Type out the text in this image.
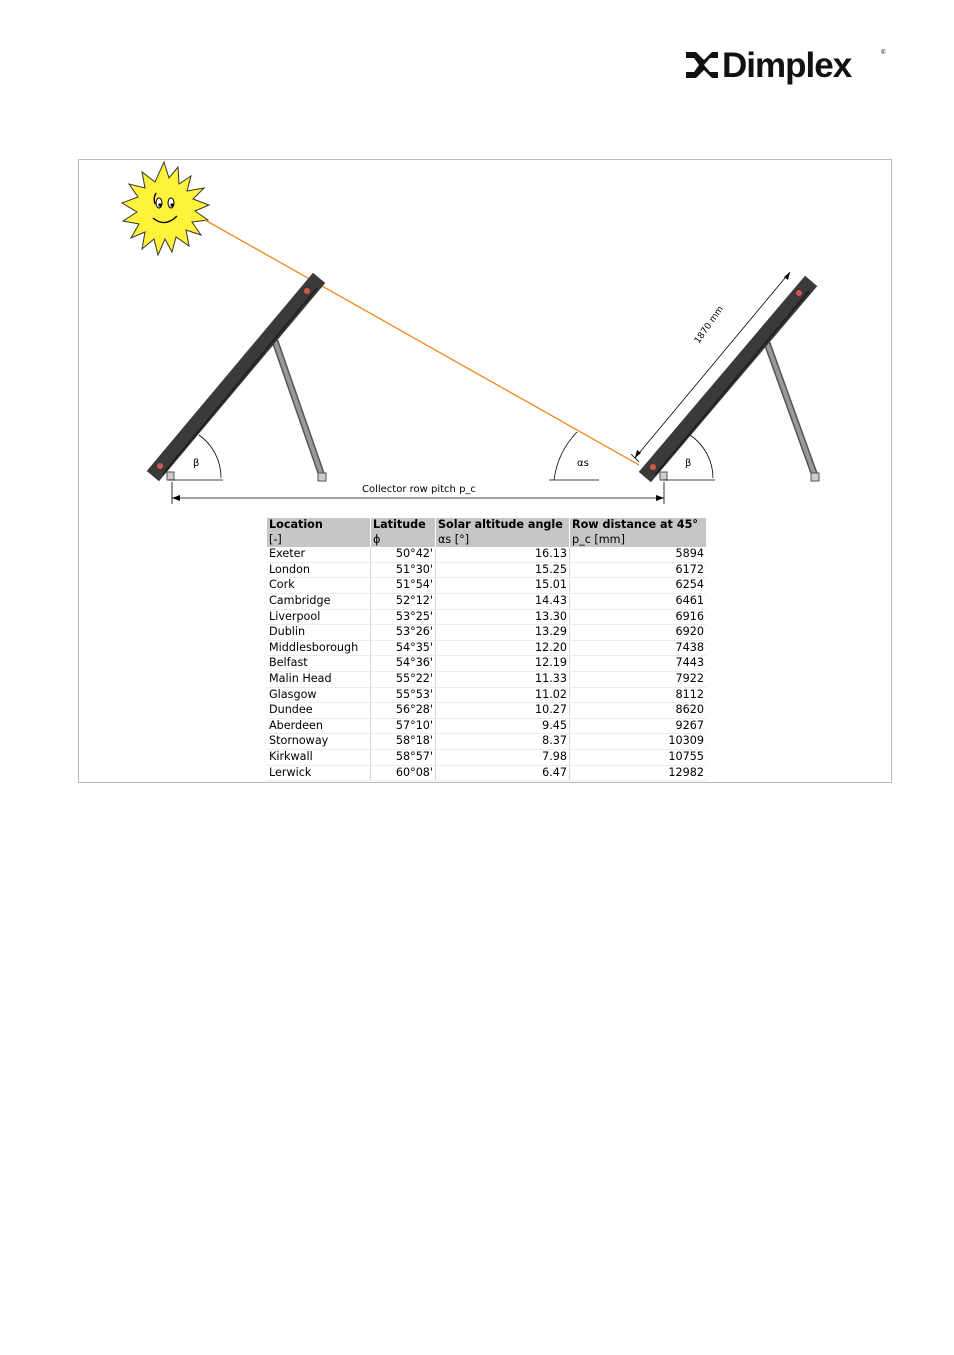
Dimplex	®
β	β
αs
1870 mm
Collector row pitch p_c
Location	Latitude	Solar altitude angle	Row distance at 45°
[-]	ϕ	αs [°]	p_c [mm]
Exeter	50°42'	16.13	5894
London	51°30'	15.25	6172
Cork	51°54'	15.01	6254
Cambridge	52°12'	14.43	6461
Liverpool	53°25'	13.30	6916
Dublin	53°26'	13.29	6920
Middlesborough	54°35'	12.20	7438
Belfast	54°36'	12.19	7443
Malin Head	55°22'	11.33	7922
Glasgow	55°53'	11.02	8112
Dundee	56°28'	10.27	8620
Aberdeen	57°10'	9.45	9267
Stornoway	58°18'	8.37	10309
Kirkwall	58°57'	7.98	10755
Lerwick	60°08'	6.47	12982
